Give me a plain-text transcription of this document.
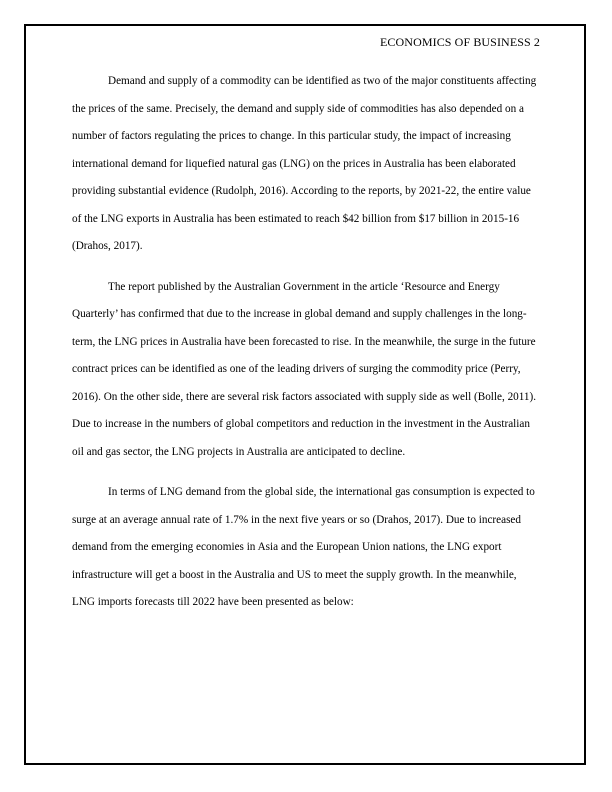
ECONOMICS OF BUSINESS 2

Demand and supply of a commodity can be identified as two of the major constituents affecting the prices of the same. Precisely, the demand and supply side of commodities has also depended on a number of factors regulating the prices to change. In this particular study, the impact of increasing international demand for liquefied natural gas (LNG) on the prices in Australia has been elaborated providing substantial evidence (Rudolph, 2016). According to the reports, by 2021-22, the entire value of the LNG exports in Australia has been estimated to reach $42 billion from $17 billion in 2015-16 (Drahos, 2017).

The report published by the Australian Government in the article ‘Resource and Energy Quarterly’ has confirmed that due to the increase in global demand and supply challenges in the long-term, the LNG prices in Australia have been forecasted to rise. In the meanwhile, the surge in the future contract prices can be identified as one of the leading drivers of surging the commodity price (Perry, 2016). On the other side, there are several risk factors associated with supply side as well (Bolle, 2011). Due to increase in the numbers of global competitors and reduction in the investment in the Australian oil and gas sector, the LNG projects in Australia are anticipated to decline.

In terms of LNG demand from the global side, the international gas consumption is expected to surge at an average annual rate of 1.7% in the next five years or so (Drahos, 2017). Due to increased demand from the emerging economies in Asia and the European Union nations, the LNG export infrastructure will get a boost in the Australia and US to meet the supply growth. In the meanwhile, LNG imports forecasts till 2022 have been presented as below:
